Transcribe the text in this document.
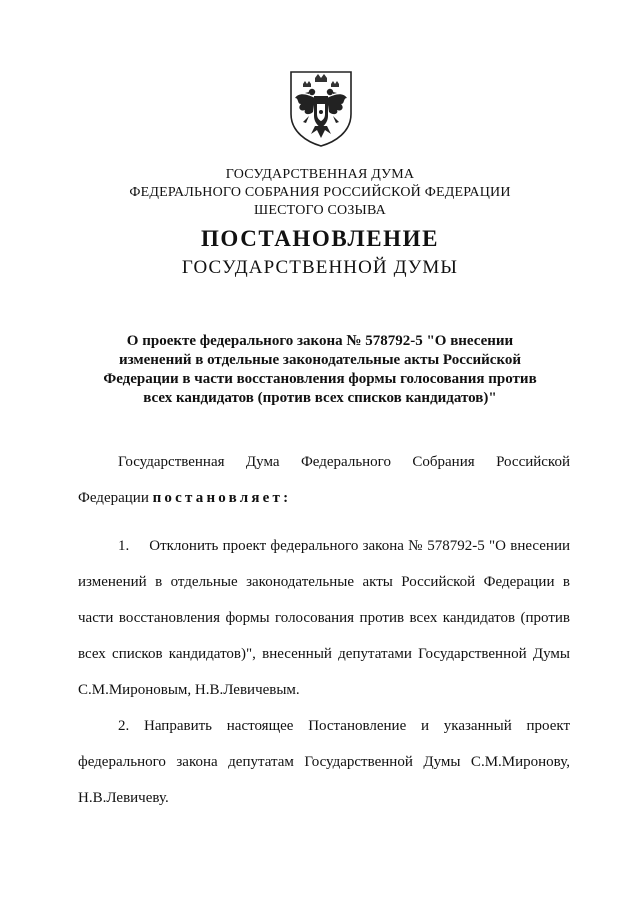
ГОСУДАРСТВЕННАЯ ДУМА
ФЕДЕРАЛЬНОГО СОБРАНИЯ РОССИЙСКОЙ ФЕДЕРАЦИИ
ШЕСТОГО СОЗЫВА
ПОСТАНОВЛЕНИЕ
ГОСУДАРСТВЕННОЙ ДУМЫ
О проекте федерального закона № 578792-5 "О внесении
изменений в отдельные законодательные акты Российской
Федерации в части восстановления формы голосования против
всех кандидатов (против всех списков кандидатов)"
Государственная Дума Федерального Собрания Российской Федерации постановляет:
1. Отклонить проект федерального закона № 578792-5 "О внесении изменений в отдельные законодательные акты Российской Федерации в части восстановления формы голосования против всех кандидатов (против всех списков кандидатов)", внесенный депутатами Государственной Думы С.М.Мироновым, Н.В.Левичевым.
2. Направить настоящее Постановление и указанный проект федерального закона депутатам Государственной Думы С.М.Миронову, Н.В.Левичеву.
